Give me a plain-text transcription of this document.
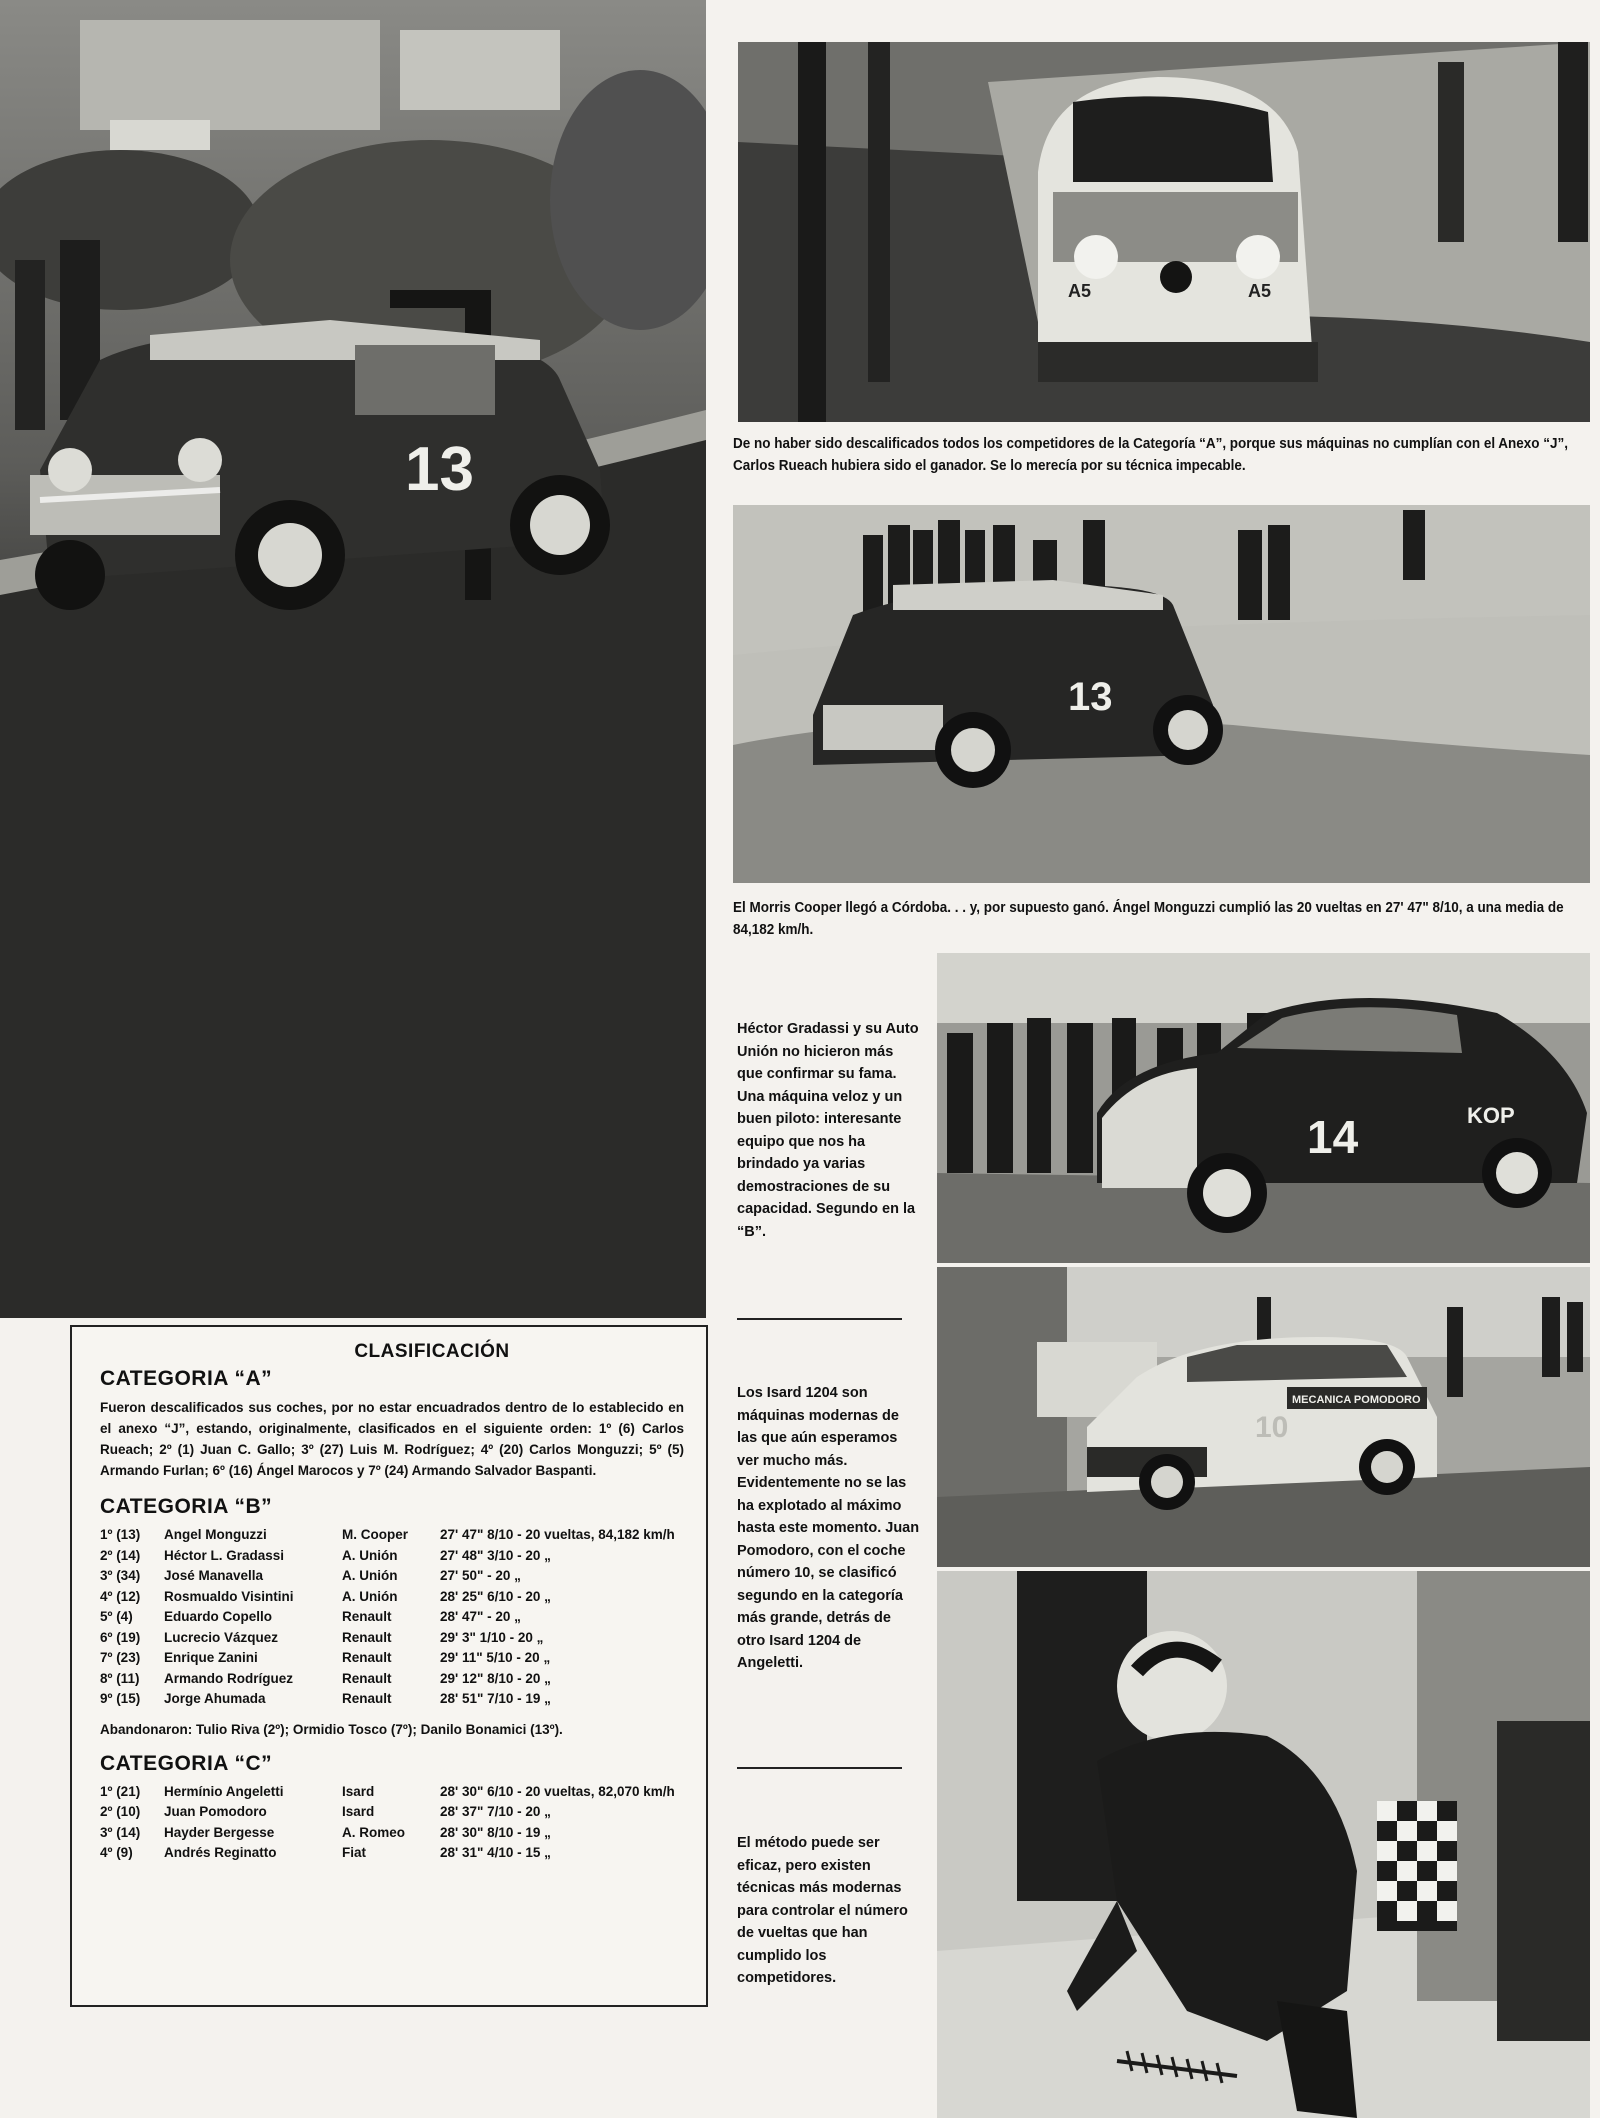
13
A5	A5
De no haber sido descalificados todos los competidores de la Categoría “A”, porque sus máquinas no cumplían con el Anexo “J”, Carlos Rueach hubiera sido el ganador. Se lo merecía por su técnica impecable.
13
El Morris Cooper llegó a Córdoba. . . y, por supuesto ganó. Ángel Monguzzi cumplió las 20 vueltas en 27' 47" 8/10, a una media de 84,182 km/h.
14	KOP
Héctor Gradassi y su Auto Unión no hicieron más que confirmar su fama. Una máquina veloz y un buen piloto: interesante equipo que nos ha brindado ya varias demostraciones de su capacidad. Segundo en la “B”.
MECANICA POMODORO
10
Los Isard 1204 son máquinas modernas de las que aún esperamos ver mucho más. Evidentemente no se las ha explotado al máximo hasta este momento. Juan Pomodoro, con el coche número 10, se clasificó segundo en la categoría más grande, detrás de otro Isard 1204 de Angeletti.
El método puede ser eficaz, pero existen técnicas más modernas para controlar el número de vueltas que han cumplido los competidores.
CLASIFICACIÓN
CATEGORIA “A”
Fueron descalificados sus coches, por no estar encuadrados dentro de lo establecido en el anexo “J”, estando, originalmente, clasificados en el siguiente orden: 1º (6) Carlos Rueach; 2º (1) Juan C. Gallo; 3º (27) Luis M. Rodríguez; 4º (20) Carlos Monguzzi; 5º (5) Armando Furlan; 6º (16) Ángel Marocos y 7º (24) Armando Salvador Baspanti.
CATEGORIA “B”
1º (13)	Angel Monguzzi	M. Cooper	27' 47" 8/10 - 20 vueltas, 84,182 km/h
2º (14)	Héctor L. Gradassi	A. Unión	27' 48" 3/10 - 20 „
3º (34)	José Manavella	A. Unión	27' 50" - 20 „
4º (12)	Rosmualdo Visintini	A. Unión	28' 25" 6/10 - 20 „
5º (4)	Eduardo Copello	Renault	28' 47" - 20 „
6º (19)	Lucrecio Vázquez	Renault	29' 3" 1/10 - 20 „
7º (23)	Enrique Zanini	Renault	29' 11" 5/10 - 20 „
8º (11)	Armando Rodríguez	Renault	29' 12" 8/10 - 20 „
9º (15)	Jorge Ahumada	Renault	28' 51" 7/10 - 19 „
Abandonaron: Tulio Riva (2º); Ormidio Tosco (7º); Danilo Bonamici (13º).
CATEGORIA “C”
1º (21)	Hermínio Angeletti	Isard	28' 30" 6/10 - 20 vueltas, 82,070 km/h
2º (10)	Juan Pomodoro	Isard	28' 37" 7/10 - 20 „
3º (14)	Hayder Bergesse	A. Romeo	28' 30" 8/10 - 19 „
4º (9)	Andrés Reginatto	Fiat	28' 31" 4/10 - 15 „
